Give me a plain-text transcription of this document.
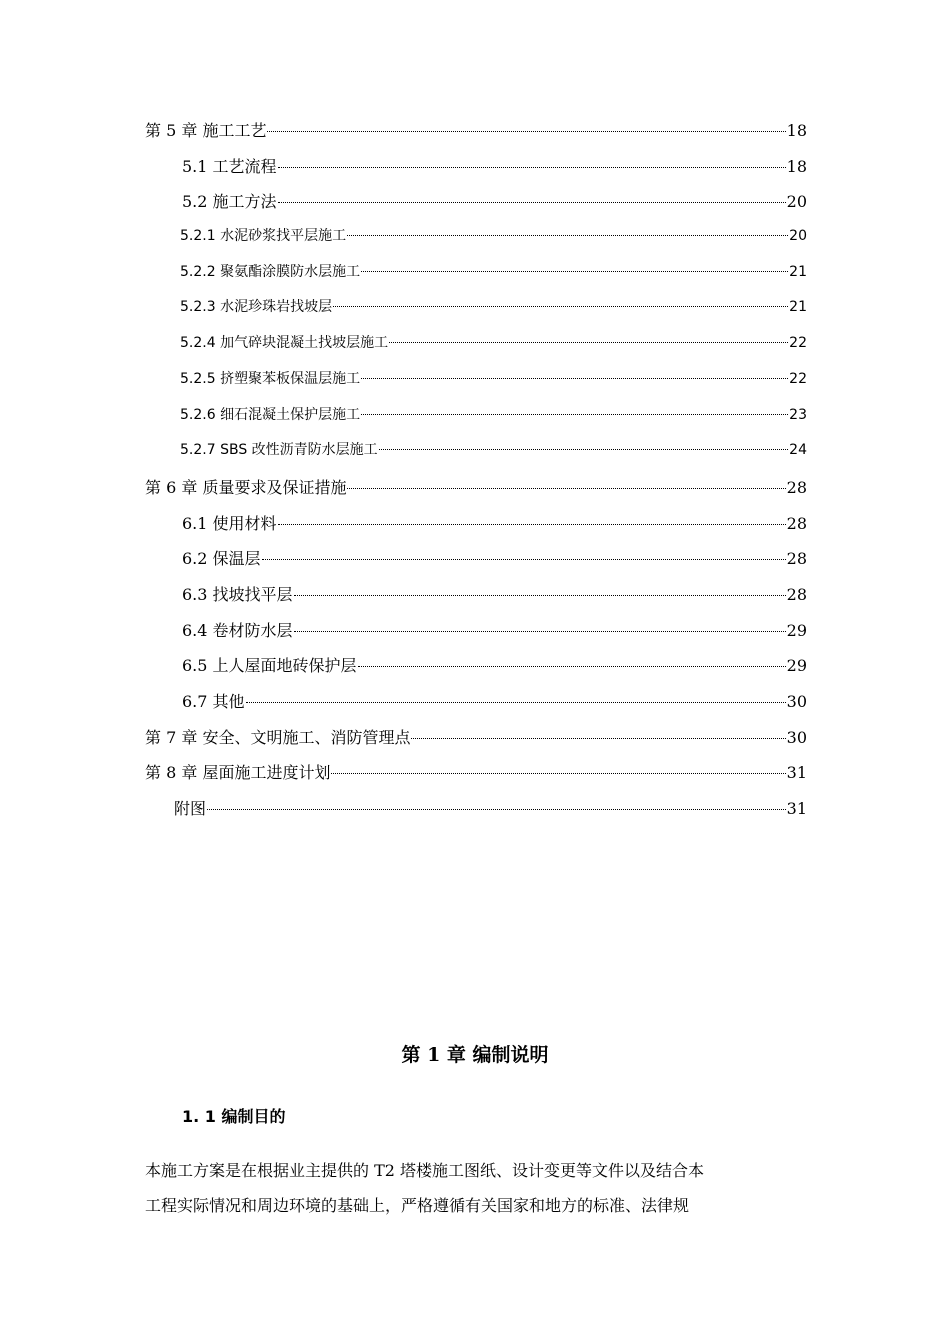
第 5 章 施工工艺	18
5.1 工艺流程	18
5.2 施工方法	20
5.2.1 水泥砂浆找平层施工	20
5.2.2 聚氨酯涂膜防水层施工	21
5.2.3 水泥珍珠岩找坡层	21
5.2.4 加气碎块混凝土找坡层施工	22
5.2.5 挤塑聚苯板保温层施工	22
5.2.6 细石混凝土保护层施工	23
5.2.7 SBS 改性沥青防水层施工	24
第 6 章 质量要求及保证措施	28
6.1 使用材料	28
6.2 保温层	28
6.3 找坡找平层	28
6.4 卷材防水层	29
6.5 上人屋面地砖保护层	29
6.7 其他	30
第 7 章 安全、文明施工、消防管理点	30
第 8 章 屋面施工进度计划	31
附图	31
第 1 章 编制说明
1. 1 编制目的
本施工方案是在根据业主提供的 T2 塔楼施工图纸、设计变更等文件以及结合本
工程实际情况和周边环境的基础上，严格遵循有关国家和地方的标准、法律规
